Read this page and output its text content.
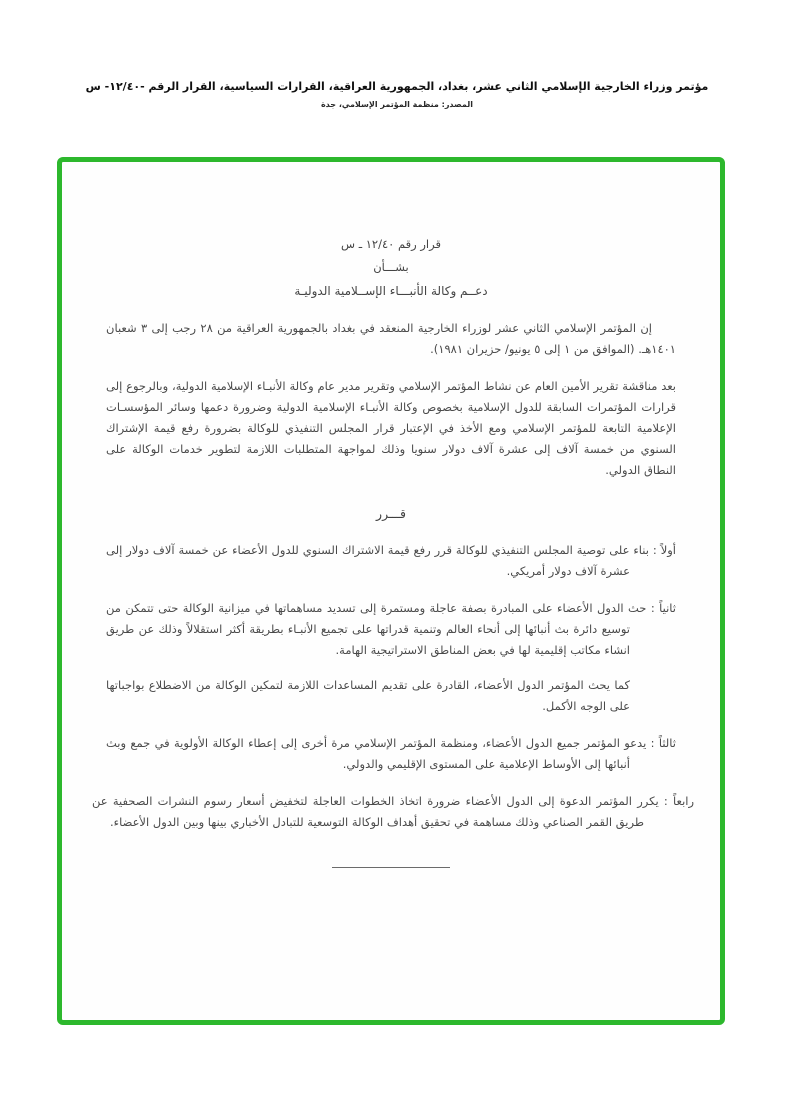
مؤتمر وزراء الخارجية الإسلامي الثاني عشر، بغداد، الجمهورية العراقية، القرارات السياسية، القرار الرقم -١٢/٤٠- س
المصدر: منظمة المؤتمر الإسلامي، جدة
قرار رقم ١٢/٤٠ ـ س
بشـــأن
دعــم وكالة الأنبـــاء الإســلامية الدوليـة

إن المؤتمر الإسلامي الثاني عشر لوزراء الخارجية المنعقد في بغداد بالجمهورية العراقية من ٢٨ رجب إلى ٣ شعبان ١٤٠١هـ. (الموافق من ١ إلى ٥ يونيو/ حزيران ١٩٨١).

بعد مناقشة تقرير الأمين العام عن نشاط المؤتمر الإسلامي وتقرير مدير عام وكالة الأنبـاء الإسلامية الدولية، وبالرجوع إلى قرارات المؤتمرات السابقة للدول الإسلامية بخصوص وكالة الأنبـاء الإسلامية الدولية وضرورة دعمها وسائر المؤسسـات الإعلامية التابعة للمؤتمر الإسلامي ومع الأخذ في الإعتبار قرار المجلس التنفيذي للوكالة بضرورة رفع قيمة الإشتراك السنوي من خمسة آلاف إلى عشرة آلاف دولار سنويا وذلك لمواجهة المتطلبات اللازمة لتطوير خدمات الوكالة على النطاق الدولي.

قـــرر
أولاً : بناء على توصية المجلس التنفيذي للوكالة قرر رفع قيمة الاشتراك السنوي للدول الأعضاء عن خمسة آلاف دولار إلى عشرة آلاف دولار أمريكي.
ثانياً : حث الدول الأعضاء على المبادرة بصفة عاجلة ومستمرة إلى تسديد مساهماتها في ميزانية الوكالة حتى تتمكن من توسيع دائرة بث أنبائها إلى أنحاء العالم وتنمية قدراتها على تجميع الأنبـاء بطريقة أكثر استقلالاً وذلك عن طريق انشاء مكاتب إقليمية لها في بعض المناطق الاستراتيجية الهامة.
كما يحث المؤتمر الدول الأعضاء، القادرة على تقديم المساعدات اللازمة لتمكين الوكالة من الاضطلاع بواجباتها على الوجه الأكمل.
ثالثاً : يدعو المؤتمر جميع الدول الأعضاء، ومنظمة المؤتمر الإسلامي مرة أخرى إلى إعطاء الوكالة الأولوية في جمع وبث أنبائها إلى الأوساط الإعلامية على المستوى الإقليمي والدولي.
رابعاً : يكرر المؤتمر الدعوة إلى الدول الأعضاء ضرورة اتخاذ الخطوات العاجلة لتخفيض أسعار رسوم النشرات الصحفية عن طريق القمر الصناعي وذلك مساهمة في تحقيق أهداف الوكالة التوسعية للتبادل الأخباري بينها وبين الدول الأعضاء.
